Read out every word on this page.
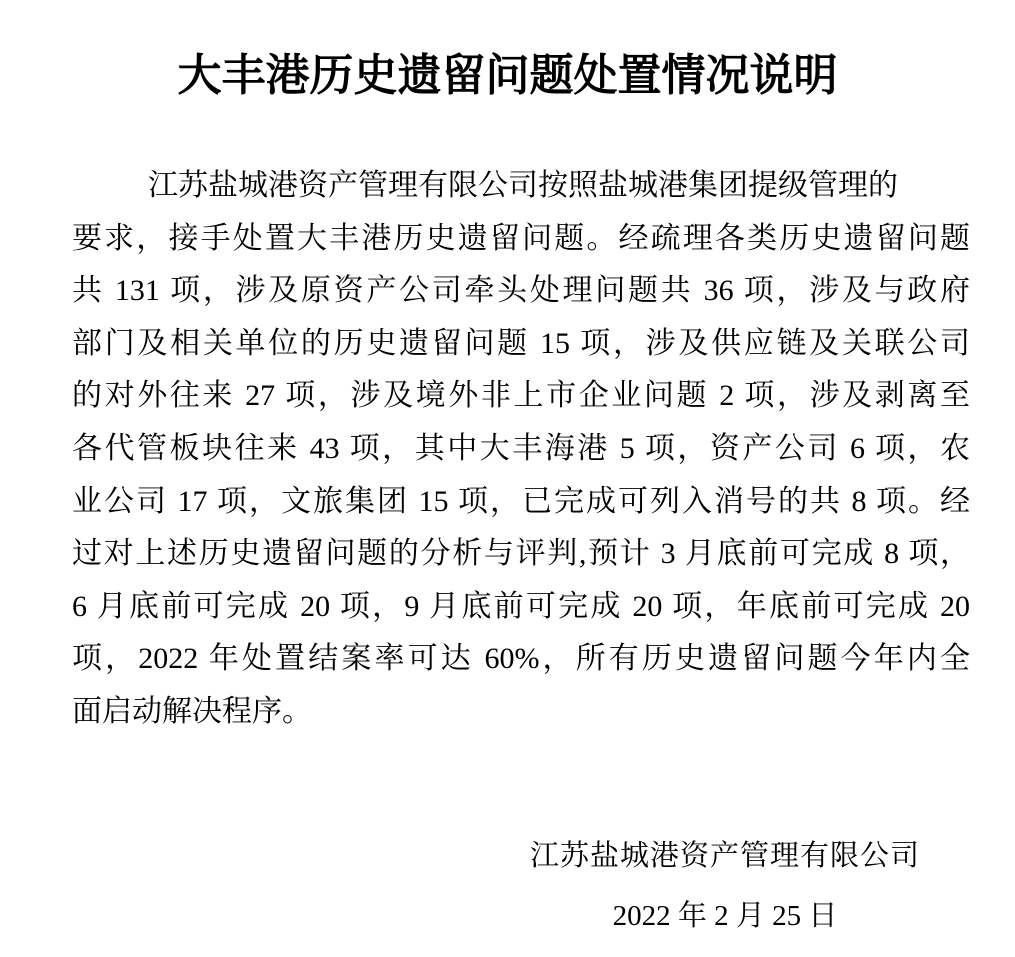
大丰港历史遗留问题处置情况说明
江苏盐城港资产管理有限公司按照盐城港集团提级管理的
要求，接手处置大丰港历史遗留问题。经疏理各类历史遗留问题
共 131 项，涉及原资产公司牵头处理问题共 36 项，涉及与政府
部门及相关单位的历史遗留问题 15 项，涉及供应链及关联公司
的对外往来 27 项，涉及境外非上市企业问题 2 项，涉及剥离至
各代管板块往来 43 项，其中大丰海港 5 项，资产公司 6 项，农
业公司 17 项，文旅集团 15 项，已完成可列入消号的共 8 项。经
过对上述历史遗留问题的分析与评判,预计 3 月底前可完成 8 项，
6 月底前可完成 20 项，9 月底前可完成 20 项，年底前可完成 20
项，2022 年处置结案率可达 60%，所有历史遗留问题今年内全
面启动解决程序。
江苏盐城港资产管理有限公司
2022 年 2 月 25 日
